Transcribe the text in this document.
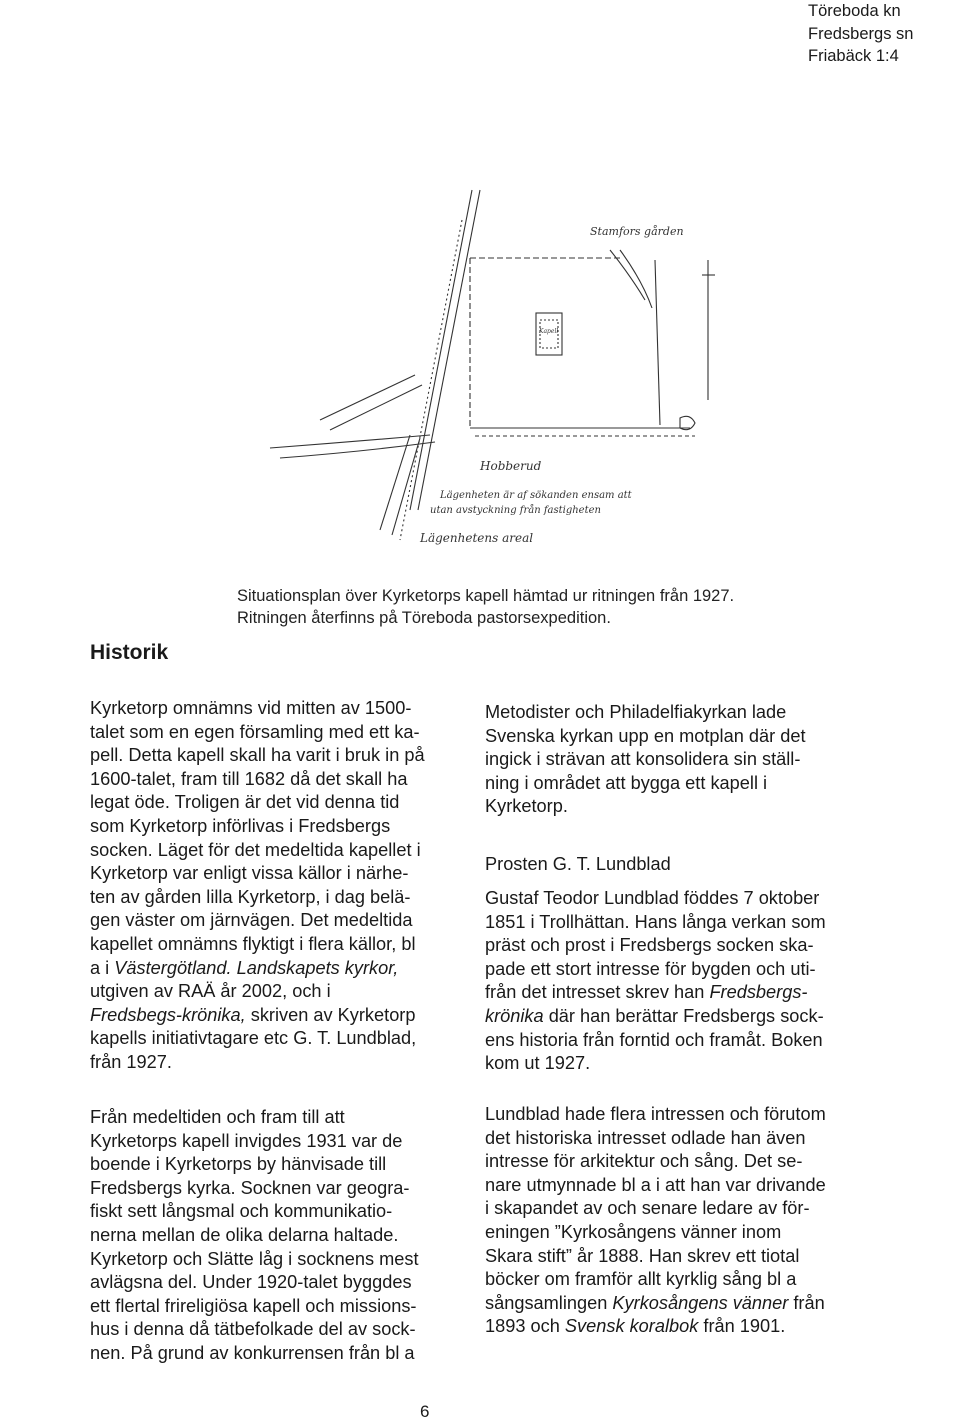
Töreboda kn
Fredsbergs sn
Friabäck 1:4
Stamfors gården
Hobberud
Kapell
Lägenheten är af sökanden ensam att
utan avstyckning från fastigheten
Lägenhetens areal
Situationsplan över Kyrketorps kapell hämtad ur ritningen från 1927.
Ritningen återfinns på Töreboda pastorsexpedition.
Historik
Kyrketorp omnämns vid mitten av 1500-
talet som en egen församling med ett ka-
pell. Detta kapell skall ha varit i bruk in på
1600-talet, fram till 1682 då det skall ha
legat öde. Troligen är det vid denna tid
som Kyrketorp införlivas i Fredsbergs
socken. Läget för det medeltida kapellet i
Kyrketorp var enligt vissa källor i närhe-
ten av gården lilla Kyrketorp, i dag belä-
gen väster om järnvägen. Det medeltida
kapellet omnämns flyktigt i flera källor, bl
a i Västergötland. Landskapets kyrkor,
utgiven av RAÄ år 2002, och i
Fredsbegs-krönika, skriven av Kyrketorp
kapells initiativtagare etc G. T. Lundblad,
från 1927.
Från medeltiden och fram till att
Kyrketorps kapell invigdes 1931 var de
boende i Kyrketorps by hänvisade till
Fredsbergs kyrka. Socknen var geogra-
fiskt sett långsmal och kommunikatio-
nerna mellan de olika delarna haltade.
Kyrketorp och Slätte låg i socknens mest
avlägsna del. Under 1920-talet byggdes
ett flertal frireligiösa kapell och missions-
hus i denna då tätbefolkade del av sock-
nen. På grund av konkurrensen från bl a
Metodister och Philadelfiakyrkan lade
Svenska kyrkan upp en motplan där det
ingick i strävan att konsolidera sin ställ-
ning i området att bygga ett kapell i
Kyrketorp.
Prosten G. T. Lundblad
Gustaf Teodor Lundblad föddes 7 oktober
1851 i Trollhättan. Hans långa verkan som
präst och prost i Fredsbergs socken ska-
pade ett stort intresse för bygden och uti-
från det intresset skrev han Fredsbergs-
krönika där han berättar Fredsbergs sock-
ens historia från forntid och framåt. Boken
kom ut 1927.
Lundblad hade flera intressen och förutom
det historiska intresset odlade han även
intresse för arkitektur och sång. Det se-
nare utmynnade bl a i att han var drivande
i skapandet av och senare ledare av för-
eningen ”Kyrkosångens vänner inom
Skara stift” år 1888. Han skrev ett tiotal
böcker om framför allt kyrklig sång bl a
sångsamlingen Kyrkosångens vänner från
1893 och Svensk koralbok från 1901.
6
